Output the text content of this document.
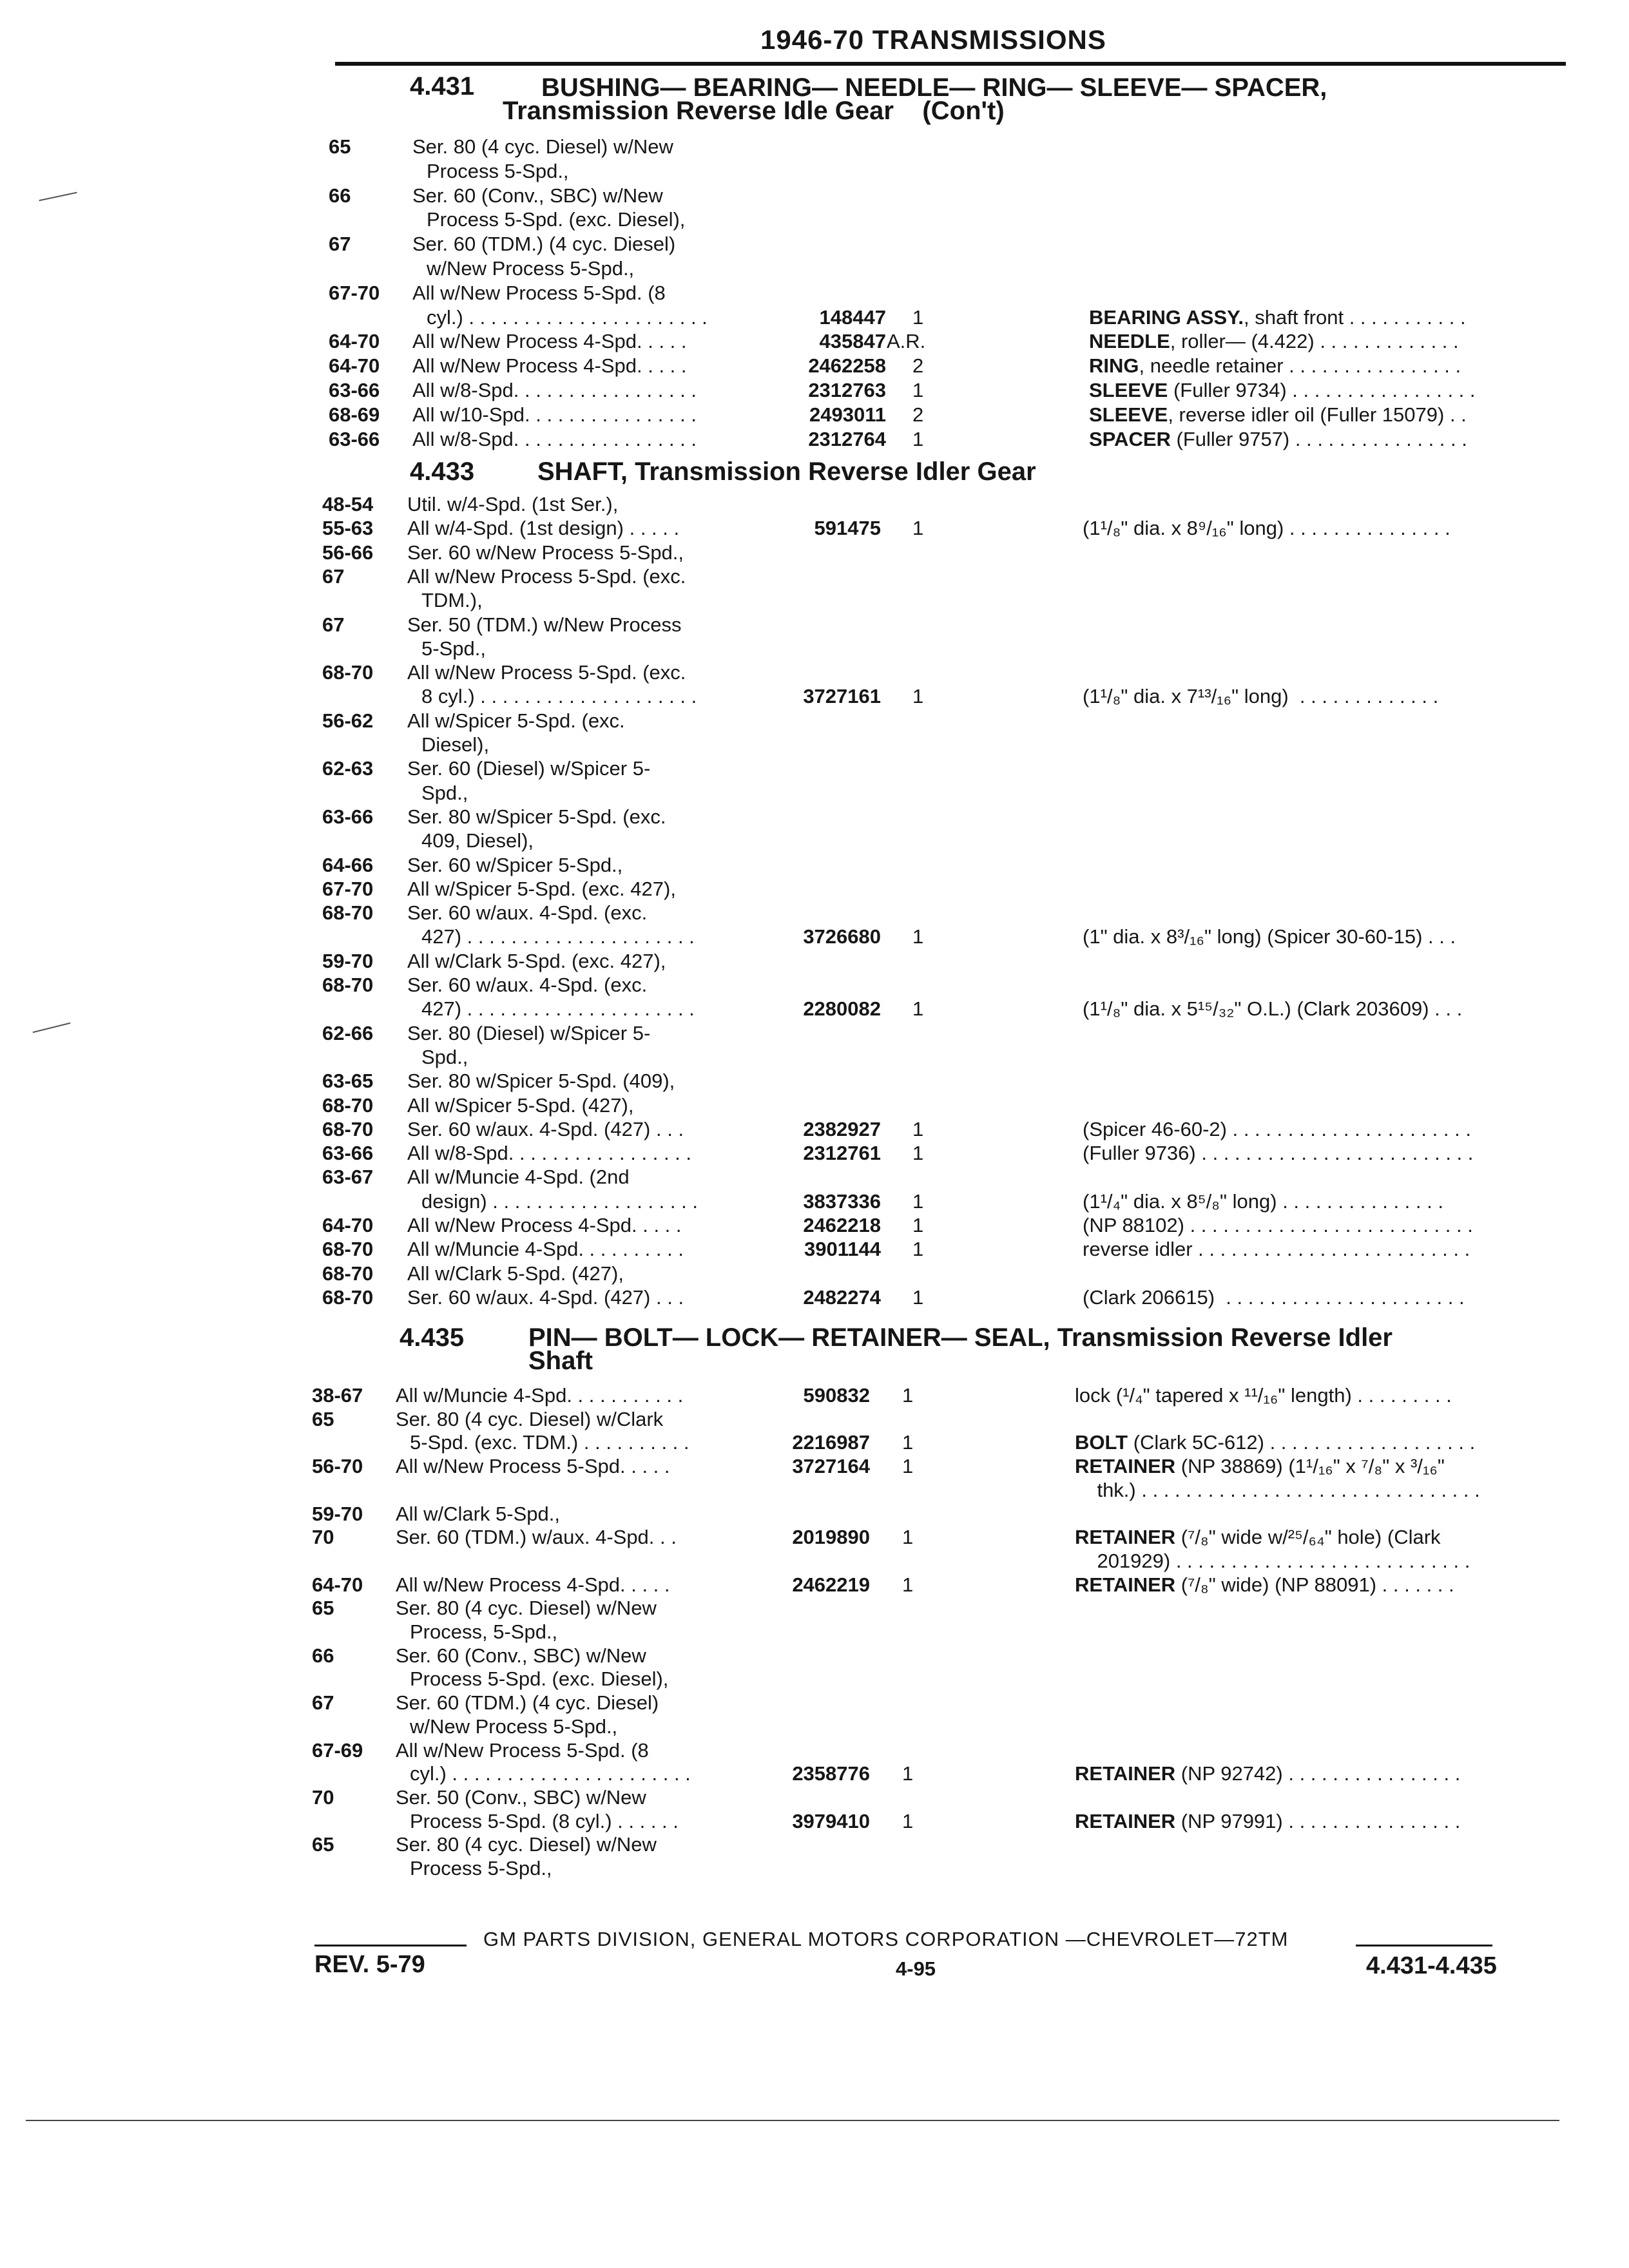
1946-70 TRANSMISSIONS
4.431	BUSHING— BEARING— NEEDLE— RING— SLEEVE— SPACER,
Transmission Reverse Idle Gear    (Con't)
65	Ser. 80 (4 cyc. Diesel) w/New
Process 5-Spd.,
66	Ser. 60 (Conv., SBC) w/New
Process 5-Spd. (exc. Diesel),
67	Ser. 60 (TDM.) (4 cyc. Diesel)
w/New Process 5-Spd.,
67-70	All w/New Process 5-Spd. (8
cyl.) . . . . . . . . . . . . . . . . . . . . . .	148447 1	BEARING ASSY., shaft front . . . . . . . . . . .
64-70	All w/New Process 4-Spd. . . . .	435847 A.R.	NEEDLE, roller— (4.422) . . . . . . . . . . . . .
64-70	All w/New Process 4-Spd. . . . .	2462258 2	RING, needle retainer . . . . . . . . . . . . . . . .
63-66	All w/8-Spd. . . . . . . . . . . . . . . . .	2312763 1	SLEEVE (Fuller 9734) . . . . . . . . . . . . . . . . .
68-69	All w/10-Spd. . . . . . . . . . . . . . . .	2493011 2	SLEEVE, reverse idler oil (Fuller 15079) . .
63-66	All w/8-Spd. . . . . . . . . . . . . . . . .	2312764 1	SPACER (Fuller 9757) . . . . . . . . . . . . . . . .
4.433 SHAFT, Transmission Reverse Idler Gear
48-54	Util. w/4-Spd. (1st Ser.),
55-63	All w/4-Spd. (1st design) . . . . .	591475 1	(1¹/₈" dia. x 8⁹/₁₆" long) . . . . . . . . . . . . . . .
56-66	Ser. 60 w/New Process 5-Spd.,
67	All w/New Process 5-Spd. (exc.
TDM.),
67	Ser. 50 (TDM.) w/New Process
5-Spd.,
68-70	All w/New Process 5-Spd. (exc.
8 cyl.) . . . . . . . . . . . . . . . . . . . .	3727161 1	(1¹/₈" dia. x 7¹³/₁₆" long)  . . . . . . . . . . . . .
56-62	All w/Spicer 5-Spd. (exc.
Diesel),
62-63	Ser. 60 (Diesel) w/Spicer 5-
Spd.,
63-66	Ser. 80 w/Spicer 5-Spd. (exc.
409, Diesel),
64-66	Ser. 60 w/Spicer 5-Spd.,
67-70	All w/Spicer 5-Spd. (exc. 427),
68-70	Ser. 60 w/aux. 4-Spd. (exc.
427) . . . . . . . . . . . . . . . . . . . . .	3726680 1	(1" dia. x 8³/₁₆" long) (Spicer 30-60-15) . . .
59-70	All w/Clark 5-Spd. (exc. 427),
68-70	Ser. 60 w/aux. 4-Spd. (exc.
427) . . . . . . . . . . . . . . . . . . . . .	2280082 1	(1¹/₈" dia. x 5¹⁵/₃₂" O.L.) (Clark 203609) . . .
62-66	Ser. 80 (Diesel) w/Spicer 5-
Spd.,
63-65	Ser. 80 w/Spicer 5-Spd. (409),
68-70	All w/Spicer 5-Spd. (427),
68-70	Ser. 60 w/aux. 4-Spd. (427) . . .	2382927 1	(Spicer 46-60-2) . . . . . . . . . . . . . . . . . . . . . .
63-66	All w/8-Spd. . . . . . . . . . . . . . . . .	2312761 1	(Fuller 9736) . . . . . . . . . . . . . . . . . . . . . . . . .
63-67	All w/Muncie 4-Spd. (2nd
design) . . . . . . . . . . . . . . . . . . .	3837336 1	(1¹/₄" dia. x 8⁵/₈" long) . . . . . . . . . . . . . . .
64-70	All w/New Process 4-Spd. . . . .	2462218 1	(NP 88102) . . . . . . . . . . . . . . . . . . . . . . . . . .
68-70	All w/Muncie 4-Spd. . . . . . . . . .	3901144 1	reverse idler . . . . . . . . . . . . . . . . . . . . . . . . .
68-70	All w/Clark 5-Spd. (427),
68-70	Ser. 60 w/aux. 4-Spd. (427) . . .	2482274 1	(Clark 206615)  . . . . . . . . . . . . . . . . . . . . . .
4.435 PIN— BOLT— LOCK— RETAINER— SEAL, Transmission Reverse Idler
Shaft
38-67	All w/Muncie 4-Spd. . . . . . . . . . .	590832 1	lock (¹/₄" tapered x ¹¹/₁₆" length) . . . . . . . . .
65	Ser. 80 (4 cyc. Diesel) w/Clark
5-Spd. (exc. TDM.) . . . . . . . . . .	2216987 1	BOLT (Clark 5C-612) . . . . . . . . . . . . . . . . . . .
56-70	All w/New Process 5-Spd. . . . .	3727164 1	RETAINER (NP 38869) (1¹/₁₆" x ⁷/₈" x ³/₁₆"
thk.) . . . . . . . . . . . . . . . . . . . . . . . . . . . . . . .
59-70	All w/Clark 5-Spd.,
70	Ser. 60 (TDM.) w/aux. 4-Spd. . .	2019890 1	RETAINER (⁷/₈" wide w/²⁵/₆₄" hole) (Clark
201929) . . . . . . . . . . . . . . . . . . . . . . . . . . .
64-70	All w/New Process 4-Spd. . . . .	2462219 1	RETAINER (⁷/₈" wide) (NP 88091) . . . . . . .
65	Ser. 80 (4 cyc. Diesel) w/New
Process, 5-Spd.,
66	Ser. 60 (Conv., SBC) w/New
Process 5-Spd. (exc. Diesel),
67	Ser. 60 (TDM.) (4 cyc. Diesel)
w/New Process 5-Spd.,
67-69	All w/New Process 5-Spd. (8
cyl.) . . . . . . . . . . . . . . . . . . . . . .	2358776 1	RETAINER (NP 92742) . . . . . . . . . . . . . . . .
70	Ser. 50 (Conv., SBC) w/New
Process 5-Spd. (8 cyl.) . . . . . .	3979410 1	RETAINER (NP 97991) . . . . . . . . . . . . . . . .
65	Ser. 80 (4 cyc. Diesel) w/New
Process 5-Spd.,
GM PARTS DIVISION, GENERAL MOTORS CORPORATION —CHEVROLET—72TM
REV. 5-79	4-95	4.431-4.435
